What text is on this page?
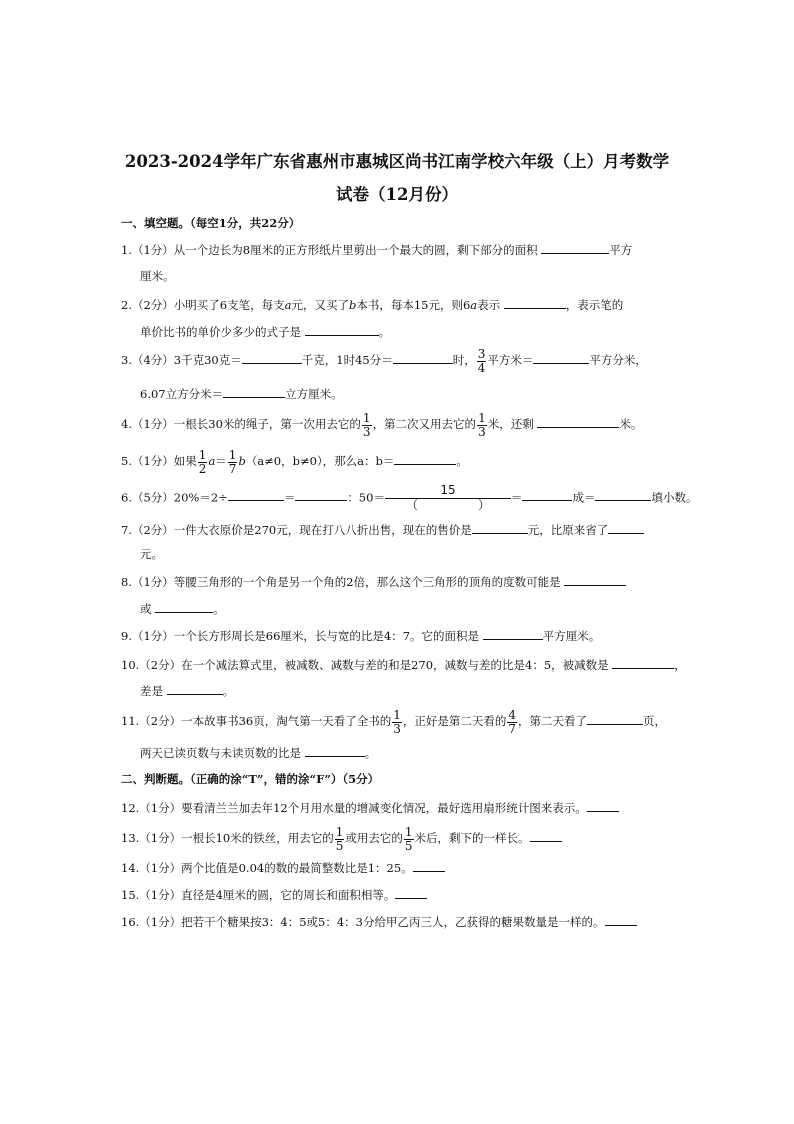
2023-2024学年广东省惠州市惠城区尚书江南学校六年级（上）月考数学
试卷（12月份）
一、填空题。（每空1分，共22分）
1.（1分）从一个边长为8厘米的正方形纸片里剪出一个最大的圆，剩下部分的面积	平方
厘米。
2.（2分）小明买了6支笔，每支a元，又买了b本书，每本15元，则6a表示	，表示笔的
单价比书的单价少多少的式子是	。
3.（4分）3千克30克＝	千克，1时45分＝	时， $\frac{3}{4}$ 平方米＝	平方分米，
6.07立方分米＝	立方厘米。
4.（1分）一根长30米的绳子，第一次用去它的 $\frac{1}{3}$ ，第二次又用去它的 $\frac{1}{3}$ 米，还剩	米。
5.（1分）如果 $\frac{1}{2} a= \frac{1}{7} b(a\ne 0$，b≠0），那么a：b＝	。
6.（5分）20%＝2÷	＝	：$50= \frac{15}{( )}$ ＝	成＝	填小数。
7.（2分）一件大衣原价是270元，现在打八八折出售，现在的售价是	元，比原来省了
元。
8.（1分）等腰三角形的一个角是另一个角的2倍，那么这个三角形的顶角的度数可能是
或	。
9.（1分）一个长方形周长是66厘米，长与宽的比是4：7。它的面积是	平方厘米。
10.（2分）在一个减法算式里，被减数、减数与差的和是270，减数与差的比是4：5，被减数是	，
差是	。
11.（2分）一本故事书36页，淘气第一天看了全书的 $\frac{1}{3}$ ，正好是第二天看的 $\frac{4}{7}$ ，第二天看了	页，
两天已读页数与未读页数的比是	。
二、判断题。（正确的涂“T”，错的涂“F”）（5分）
12.（1分）要看清兰兰加去年12个月用水量的增减变化情况，最好选用扇形统计图来表示。
13.（1分）一根长10米的铁丝，用去它的 $\frac{1}{5}$ 或用去它的 $\frac{1}{5}$ 米后，剩下的一样长。
14.（1分）两个比值是0.04的数的最简整数比是1：25。
15.（1分）直径是4厘米的圆，它的周长和面积相等。
16.（1分）把若干个糖果按3：4：5或5：4：3分给甲乙丙三人，乙获得的糖果数量是一样的。
